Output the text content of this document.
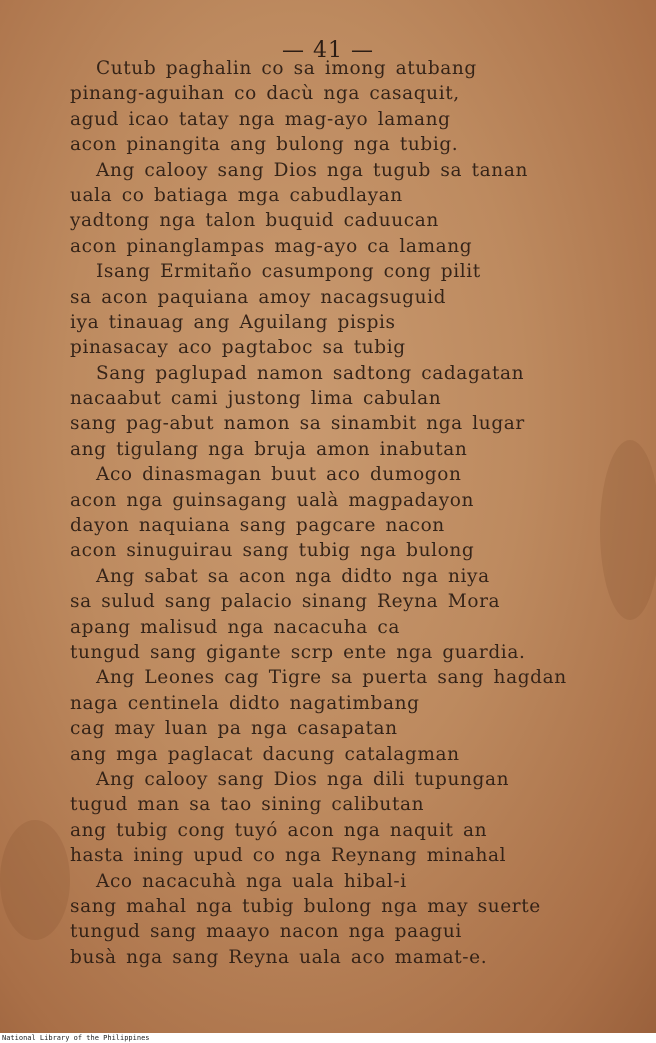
— 41 —
Cutub paghalin co sa imong atubang
pinang-aguihan co dacù nga casaquit,
agud icao tatay nga mag-ayo lamang
acon pinangita ang bulong nga tubig.
Ang calooy sang Dios nga tugub sa tanan
uala co batiaga mga cabudlayan
yadtong nga talon buquid caduucan
acon pinanglampas mag-ayo ca lamang
Isang Ermitaño casumpong cong pilit
sa acon paquiana amoy nacagsuguid
iya tinauag ang Aguilang pispis
pinasacay aco pagtaboc sa tubig
Sang paglupad namon sadtong cadagatan
nacaabut cami justong lima cabulan
sang pag-abut namon sa sinambit nga lugar
ang tigulang nga bruja amon inabutan
Aco dinasmagan buut aco dumogon
acon nga guinsagang ualà magpadayon
dayon naquiana sang pagcare nacon
acon sinuguirau sang tubig nga bulong
Ang sabat sa acon nga didto nga niya
sa sulud sang palacio sinang Reyna Mora
apang malisud nga nacacuha ca
tungud sang gigante scrp ente nga guardia.
Ang Leones cag Tigre sa puerta sang hagdan
naga centinela didto nagatimbang
cag may luan pa nga casapatan
ang mga paglacat dacung catalagman
Ang calooy sang Dios nga dili tupungan
tugud man sa tao sining calibutan
ang tubig cong tuyó acon nga naquit an
hasta ining upud co nga Reynang minahal
Aco nacacuhà nga uala hibal-i
sang mahal nga tubig bulong nga may suerte
tungud sang maayo nacon nga paagui
busà nga sang Reyna uala aco mamat-e.
National Library of the Philippines
